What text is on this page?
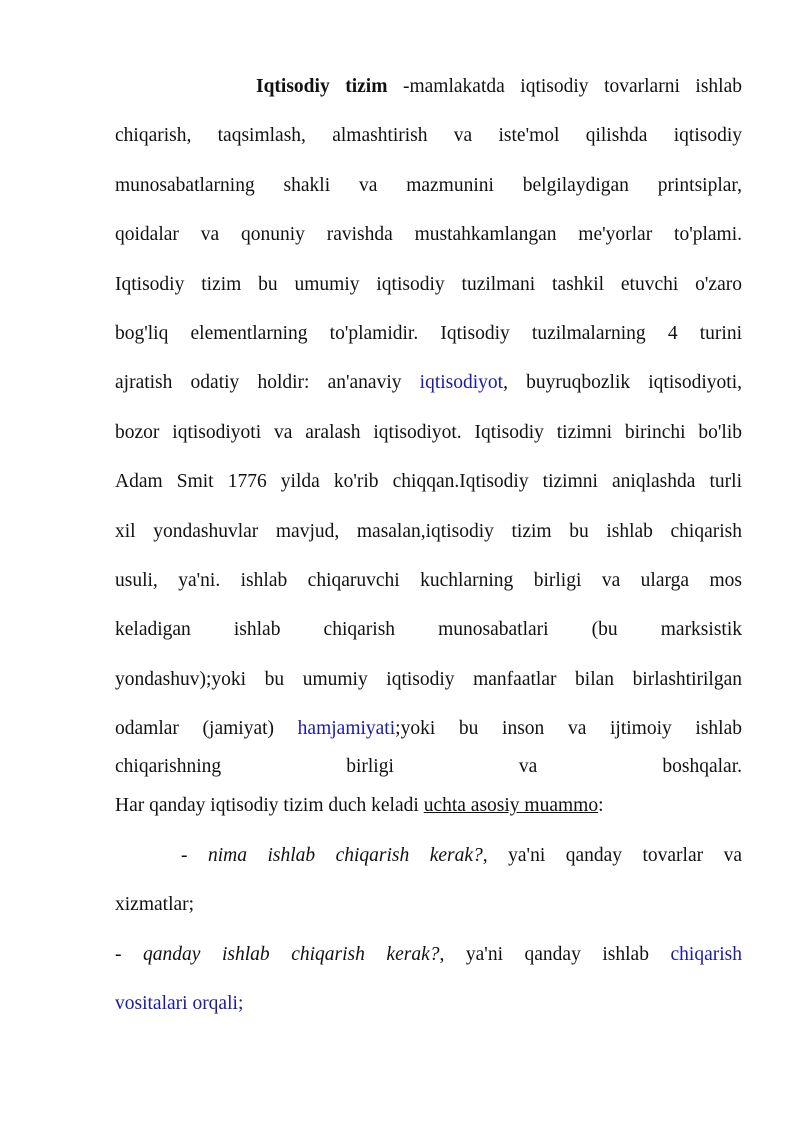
Iqtisodiy tizim -mamlakatda iqtisodiy tovarlarni ishlab
chiqarish, taqsimlash, almashtirish va iste'mol qilishda iqtisodiy
munosabatlarning shakli va mazmunini belgilaydigan printsiplar,
qoidalar va qonuniy ravishda mustahkamlangan me'yorlar to'plami.
Iqtisodiy tizim bu umumiy iqtisodiy tuzilmani tashkil etuvchi o'zaro
bog'liq elementlarning to'plamidir. Iqtisodiy tuzilmalarning 4 turini
ajratish odatiy holdir: an'anaviy iqtisodiyot, buyruqbozlik iqtisodiyoti,
bozor iqtisodiyoti va aralash iqtisodiyot. Iqtisodiy tizimni birinchi bo'lib
Adam Smit 1776 yilda ko'rib chiqqan.Iqtisodiy tizimni aniqlashda turli
xil yondashuvlar mavjud, masalan,iqtisodiy tizim bu ishlab chiqarish
usuli, ya'ni. ishlab chiqaruvchi kuchlarning birligi va ularga mos
keladigan ishlab chiqarish munosabatlari (bu marksistik
yondashuv);yoki bu umumiy iqtisodiy manfaatlar bilan birlashtirilgan
odamlar (jamiyat) hamjamiyati;yoki bu inson va ijtimoiy ishlab
chiqarishning birligi va boshqalar.
Har qanday iqtisodiy tizim duch keladi uchta asosiy muammo:
- nima ishlab chiqarish kerak?, ya'ni qanday tovarlar va
xizmatlar;
- qanday ishlab chiqarish kerak?, ya'ni qanday ishlab chiqarish
vositalari orqali;
